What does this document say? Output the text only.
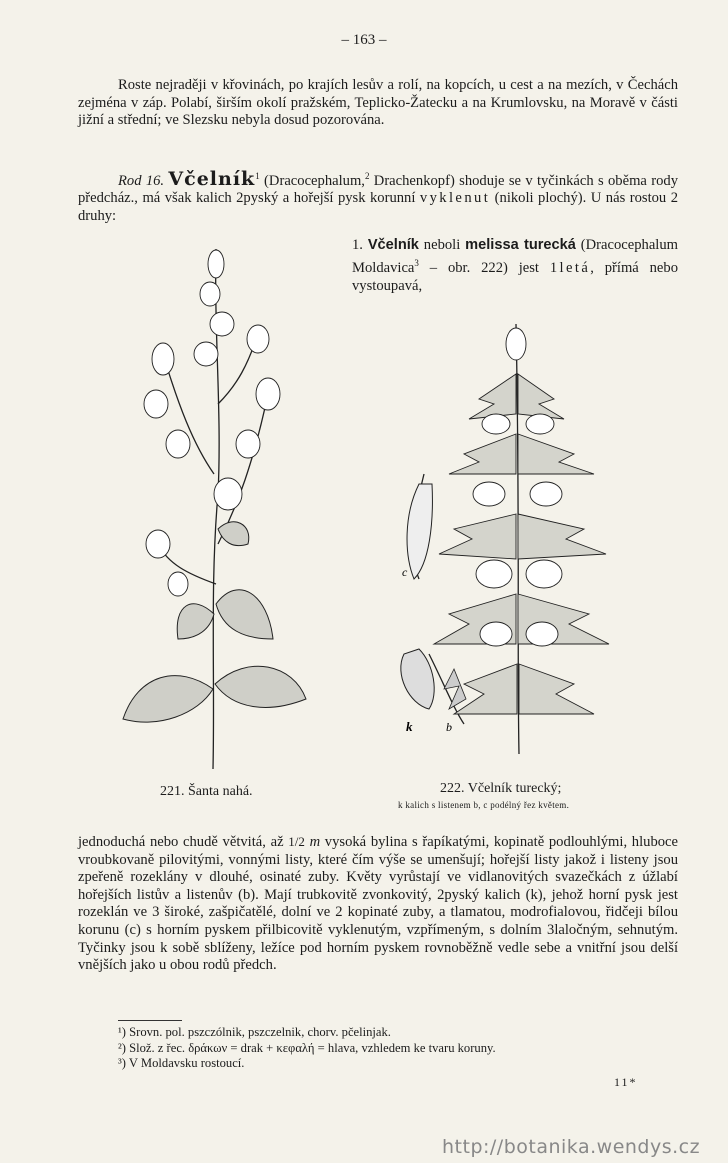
– 163 –
Roste nejraději v křovinách, po krajích lesův a rolí, na kopcích, u cest a na mezích, v Čechách zejména v záp. Polabí, širším okolí pražském, Teplicko-Žatecku a na Krumlovsku, na Moravě v části jižní a střední; ve Slezsku nebyla dosud pozorována.
Rod 16. Včelník$^1$ (Dracocephalum,$^2$ Drachenkopf) shoduje se v tyčinkách s oběma rody předcház., má však kalich 2pyský a hořejší pysk korunní vyklenut (nikoli plochý). U nás rostou 2 druhy:
1. Včelník neboli melissa turecká (Dracocephalum Moldavica$^3$ – obr. 222) jest 1letá, přímá nebo vystoupavá,
c
k	b
221. Šanta nahá.	222. Včelník turecký;
k kalich s listenem b, c podélný řez květem.
jednoduchá nebo chudě větvitá, až 1/2 m vysoká bylina s řapíkatými, kopinatě podlouhlými, hluboce vroubkovaně pilovitými, vonnými listy, které čím výše se umenšují; hořejší listy jakož i listeny jsou zpeřeně rozeklány v dlouhé, osinaté zuby. Květy vyrůstají ve vidlanovitých svazečkách z úžlabí hořejších listův a listenův (b). Mají trubkovitě zvonkovitý, 2pyský kalich (k), jehož horní pysk jest rozeklán ve 3 široké, zašpičatělé, dolní ve 2 kopinaté zuby, a tlamatou, modrofialovou, řidčeji bílou korunu (c) s horním pyskem přilbicovitě vyklenutým, vzpřímeným, s dolním 3laločným, sehnutým. Tyčinky jsou k sobě sblíženy, ležíce pod horním pyskem rovnoběžně vedle sebe a vnitřní jsou delší vnějších jako u obou rodů předch.
¹) Srovn. pol. pszczólnik, pszczelnik, chorv. pčelinjak.
²) Slož. z řec. δράκων = drak + κεφαλή = hlava, vzhledem ke tvaru koruny.
³) V Moldavsku rostoucí.
11*
http://botanika.wendys.cz
